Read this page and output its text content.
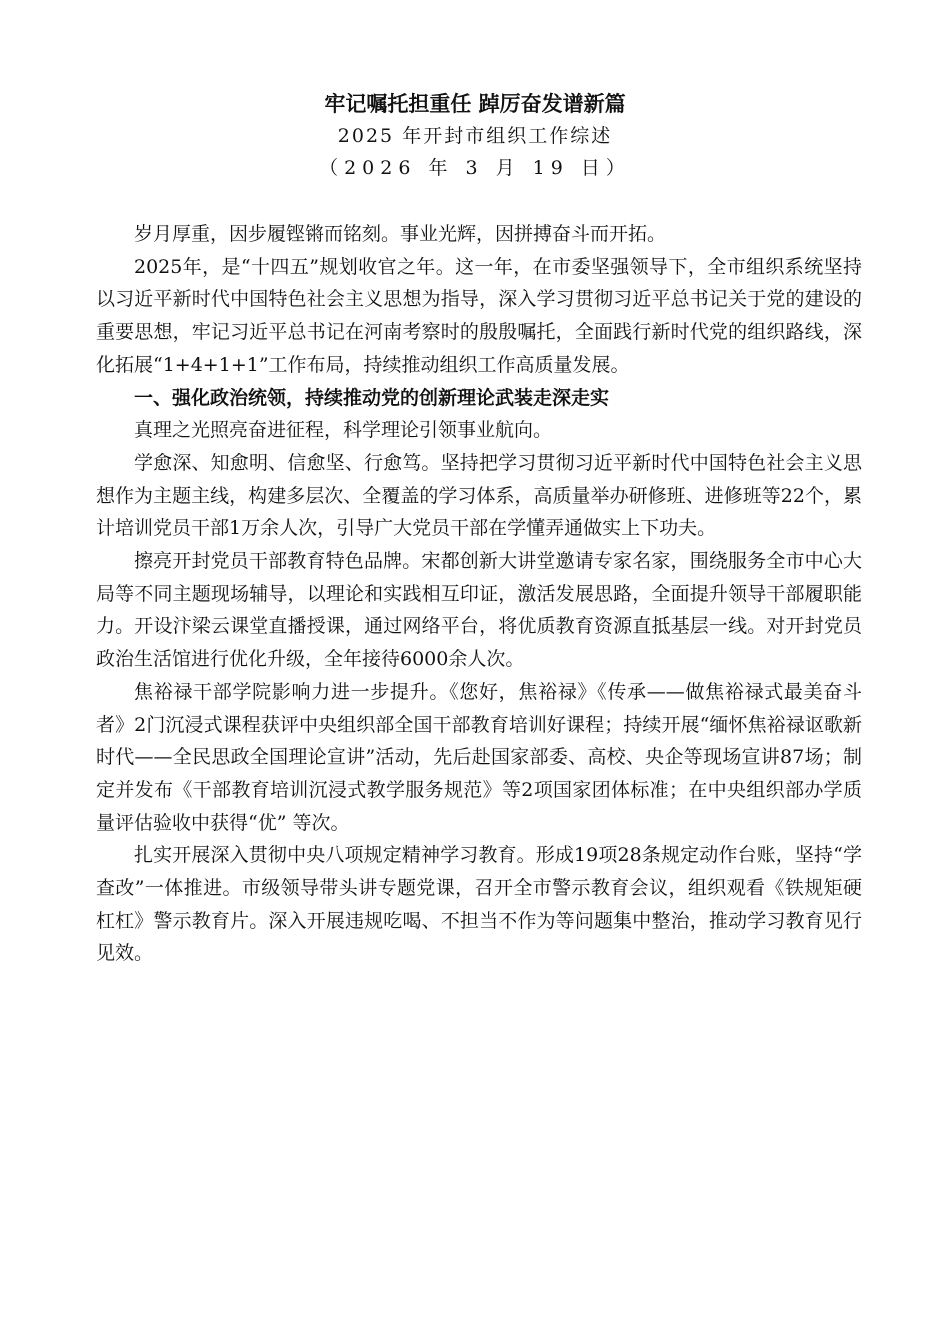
牢记嘱托担重任 踔厉奋发谱新篇
2025 年开封市组织工作综述
（2026 年 3 月 19 日）

岁月厚重，因步履铿锵而铭刻。事业光辉，因拼搏奋斗而开拓。

2025年，是“十四五”规划收官之年。这一年，在市委坚强领导下，全市组织系统坚持以习近平新时代中国特色社会主义思想为指导，深入学习贯彻习近平总书记关于党的建设的重要思想，牢记习近平总书记在河南考察时的殷殷嘱托，全面践行新时代党的组织路线，深化拓展“1+4+1+1”工作布局，持续推动组织工作高质量发展。

一、强化政治统领，持续推动党的创新理论武装走深走实

真理之光照亮奋进征程，科学理论引领事业航向。

学愈深、知愈明、信愈坚、行愈笃。坚持把学习贯彻习近平新时代中国特色社会主义思想作为主题主线，构建多层次、全覆盖的学习体系，高质量举办研修班、进修班等22个，累计培训党员干部1万余人次，引导广大党员干部在学懂弄通做实上下功夫。

擦亮开封党员干部教育特色品牌。宋都创新大讲堂邀请专家名家，围绕服务全市中心大局等不同主题现场辅导，以理论和实践相互印证，激活发展思路，全面提升领导干部履职能力。开设汴梁云课堂直播授课，通过网络平台，将优质教育资源直抵基层一线。对开封党员政治生活馆进行优化升级，全年接待6000余人次。

焦裕禄干部学院影响力进一步提升。《您好，焦裕禄》《传承——做焦裕禄式最美奋斗者》2门沉浸式课程获评中央组织部全国干部教育培训好课程；持续开展“缅怀焦裕禄讴歌新时代——全民思政全国理论宣讲”活动，先后赴国家部委、高校、央企等现场宣讲87场；制定并发布《干部教育培训沉浸式教学服务规范》等2项国家团体标准；在中央组织部办学质量评估验收中获得“优” 等次。

扎实开展深入贯彻中央八项规定精神学习教育。形成19项28条规定动作台账，坚持“学查改”一体推进。市级领导带头讲专题党课，召开全市警示教育会议，组织观看《铁规矩硬杠杠》警示教育片。深入开展违规吃喝、不担当不作为等问题集中整治，推动学习教育见行见效。
